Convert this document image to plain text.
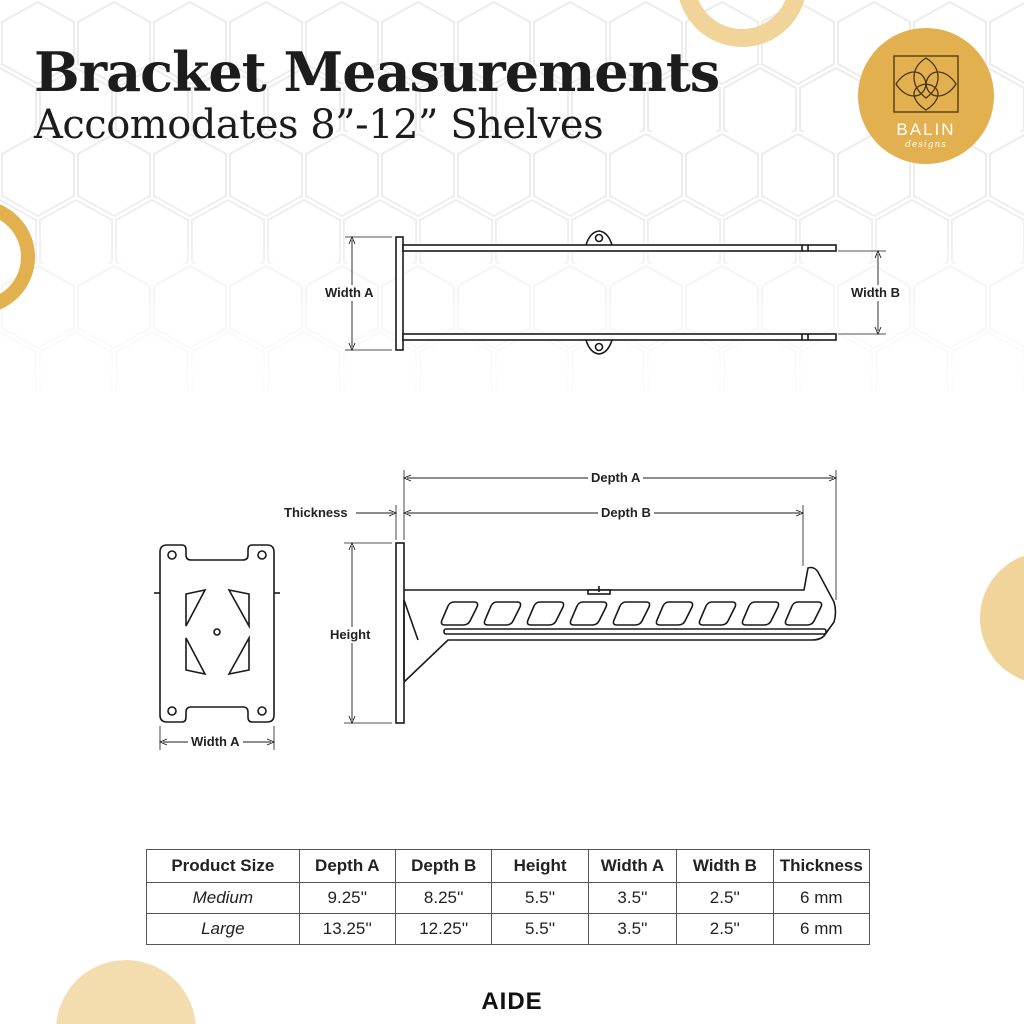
Bracket Measurements
Accomodates 8”-12” Shelves	BALIN
designs
Width A	Width B
Depth A
Depth B
Thickness
Height
Width A
Product Size	Depth A	Depth B	Height	Width A	Width B	Thickness
Medium	9.25''	8.25''	5.5''	3.5''	2.5''	6 mm
Large	13.25''	12.25''	5.5''	3.5''	2.5''	6 mm
AIDE
